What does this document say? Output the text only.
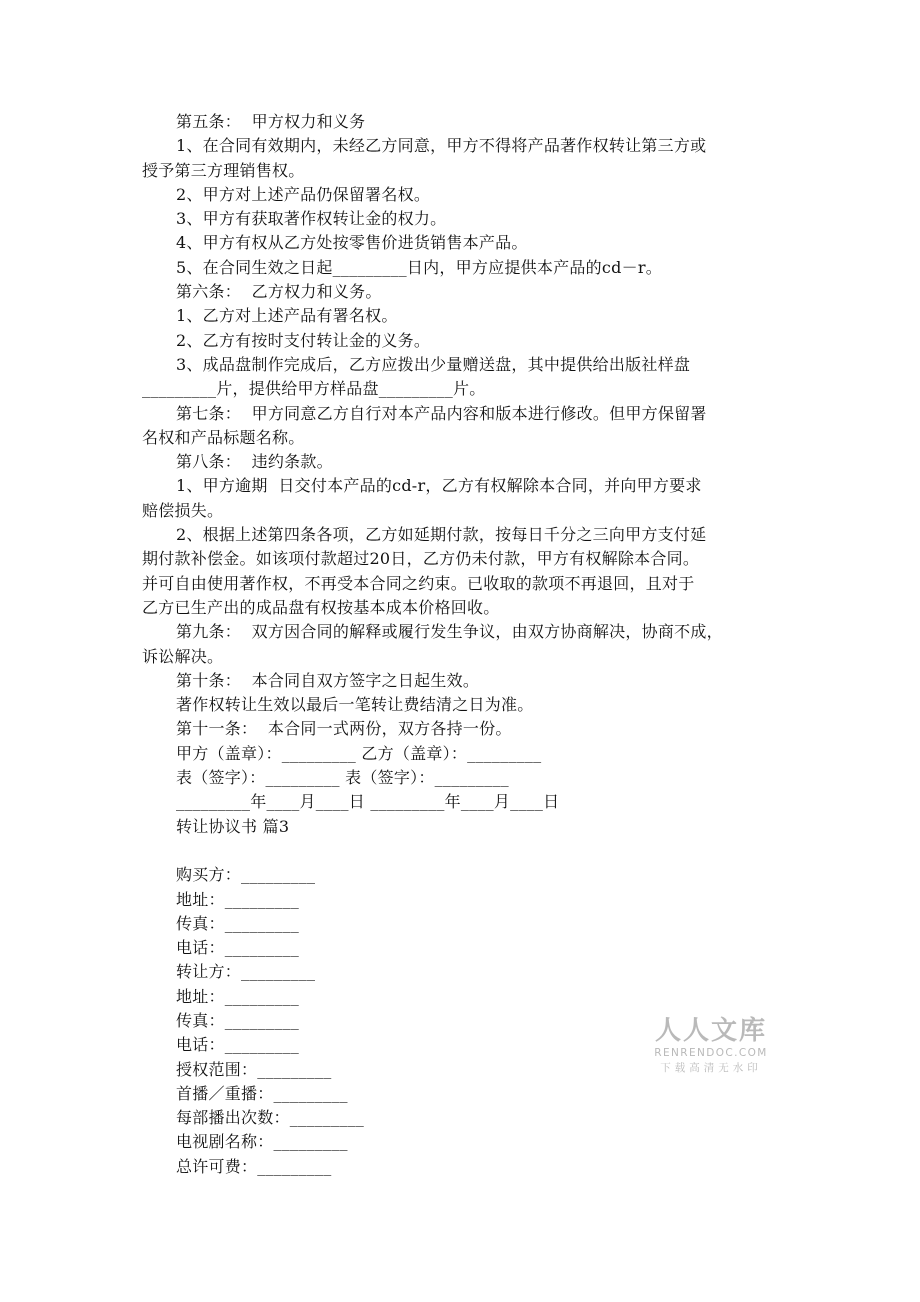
第五条：  甲方权力和义务
1、在合同有效期内，未经乙方同意，甲方不得将产品著作权转让第三方或
授予第三方理销售权。
2、甲方对上述产品仍保留署名权。
3、甲方有获取著作权转让金的权力。
4、甲方有权从乙方处按零售价进货销售本产品。
5、在合同生效之日起_________日内，甲方应提供本产品的cd－r。
第六条：  乙方权力和义务。
1、乙方对上述产品有署名权。
2、乙方有按时支付转让金的义务。
3、成品盘制作完成后，乙方应拨出少量赠送盘，其中提供给出版社样盘
_________片，提供给甲方样品盘_________片。
第七条：  甲方同意乙方自行对本产品内容和版本进行修改。但甲方保留署
名权和产品标题名称。
第八条：  违约条款。
1、甲方逾期  日交付本产品的cd-r，乙方有权解除本合同，并向甲方要求
赔偿损失。
2、根据上述第四条各项，乙方如延期付款，按每日千分之三向甲方支付延
期付款补偿金。如该项付款超过20日，乙方仍未付款，甲方有权解除本合同。
并可自由使用著作权，不再受本合同之约束。已收取的款项不再退回，且对于
乙方已生产出的成品盘有权按基本成本价格回收。
第九条：  双方因合同的解释或履行发生争议，由双方协商解决，协商不成，
诉讼解决。
第十条：  本合同自双方签字之日起生效。
著作权转让生效以最后一笔转让费结清之日为准。
第十一条：  本合同一式两份，双方各持一份。
甲方（盖章）：_________ 乙方（盖章）：_________
表（签字）：_________ 表（签字）：_________
_________年____月____日 _________年____月____日
转让协议书 篇3
购买方：_________
地址：_________
传真：_________
电话：_________
转让方：_________
地址：_________
传真：_________
电话：_________
授权范围：_________
首播／重播：_________
每部播出次数：_________
电视剧名称：_________
总许可费：_________
人人文库
RENRENDOC.COM
下载高清无水印
